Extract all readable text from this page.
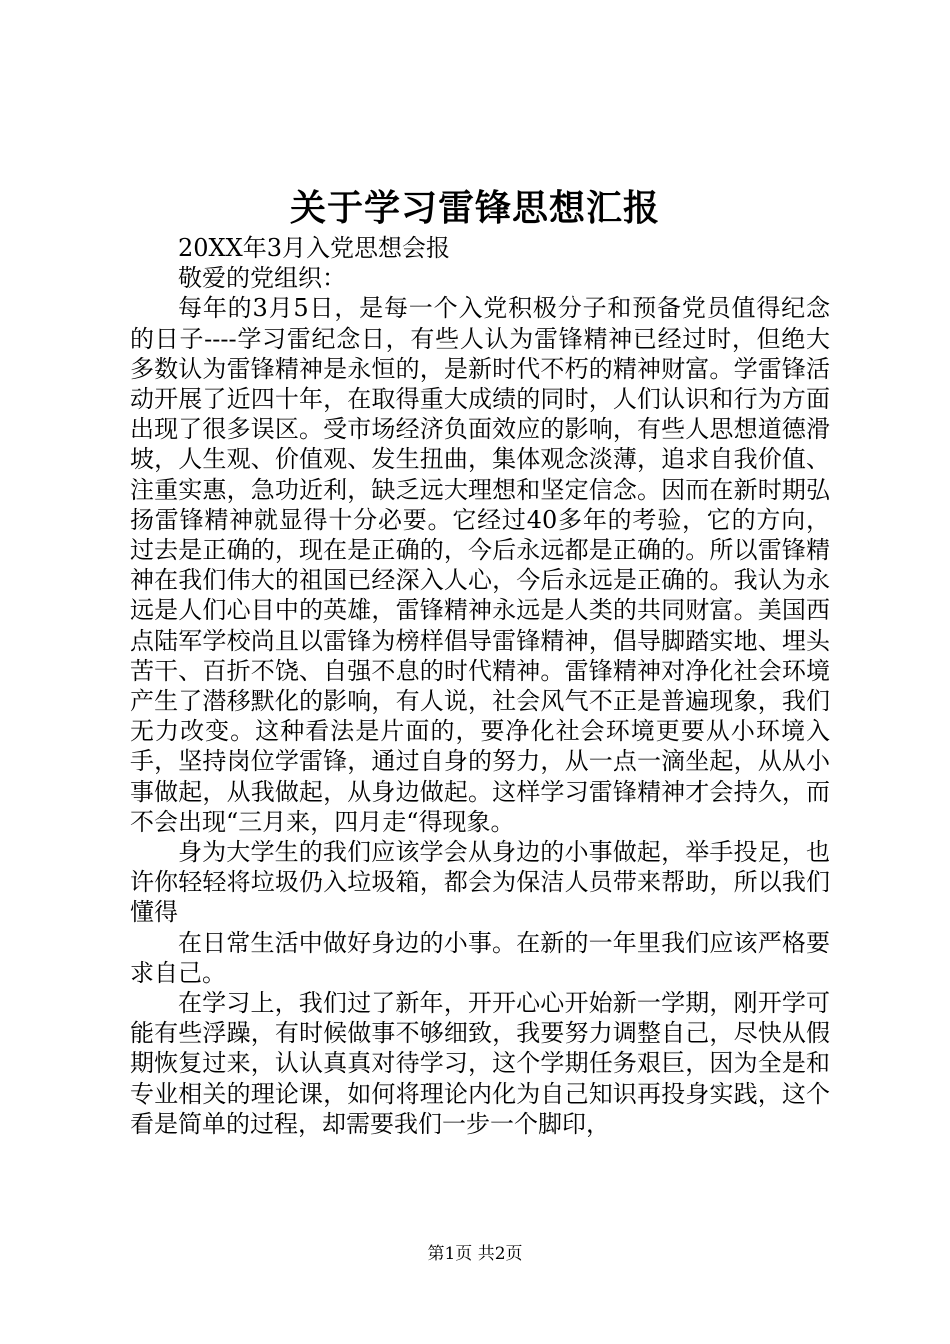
关于学习雷锋思想汇报

20XX年3月入党思想会报

敬爱的党组织：

每年的3月5日，是每一个入党积极分子和预备党员值得纪念的日子----学习雷纪念日，有些人认为雷锋精神已经过时，但绝大多数认为雷锋精神是永恒的，是新时代不朽的精神财富。学雷锋活动开展了近四十年，在取得重大成绩的同时，人们认识和行为方面出现了很多误区。受市场经济负面效应的影响，有些人思想道德滑坡，人生观、价值观、发生扭曲，集体观念淡薄，追求自我价值、注重实惠，急功近利，缺乏远大理想和坚定信念。因而在新时期弘扬雷锋精神就显得十分必要。它经过40多年的考验，它的方向，过去是正确的，现在是正确的，今后永远都是正确的。所以雷锋精神在我们伟大的祖国已经深入人心，今后永远是正确的。我认为永远是人们心目中的英雄，雷锋精神永远是人类的共同财富。美国西点陆军学校尚且以雷锋为榜样倡导雷锋精神，倡导脚踏实地、埋头苦干、百折不饶、自强不息的时代精神。雷锋精神对净化社会环境产生了潜移默化的影响，有人说，社会风气不正是普遍现象，我们无力改变。这种看法是片面的，要净化社会环境更要从小环境入手，坚持岗位学雷锋，通过自身的努力，从一点一滴坐起，从从小事做起，从我做起，从身边做起。这样学习雷锋精神才会持久，而不会出现“三月来，四月走“得现象。

身为大学生的我们应该学会从身边的小事做起，举手投足，也许你轻轻将垃圾仍入垃圾箱，都会为保洁人员带来帮助，所以我们懂得

在日常生活中做好身边的小事。在新的一年里我们应该严格要求自己。

在学习上，我们过了新年，开开心心开始新一学期，刚开学可能有些浮躁，有时候做事不够细致，我要努力调整自己，尽快从假期恢复过来，认认真真对待学习，这个学期任务艰巨，因为全是和专业相关的理论课，如何将理论内化为自己知识再投身实践，这个看是简单的过程，却需要我们一步一个脚印，

第1页 共2页
